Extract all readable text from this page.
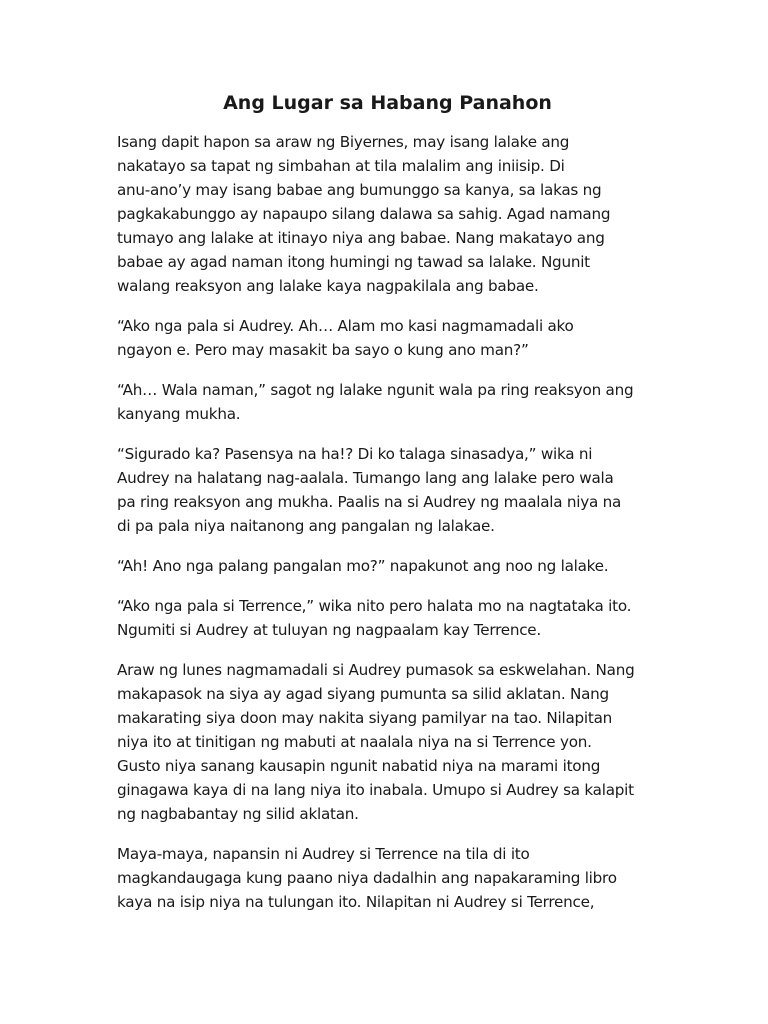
Ang Lugar sa Habang Panahon

Isang dapit hapon sa araw ng Biyernes, may isang lalake ang
nakatayo sa tapat ng simbahan at tila malalim ang iniisip. Di
anu-ano’y may isang babae ang bumunggo sa kanya, sa lakas ng
pagkakabunggo ay napaupo silang dalawa sa sahig. Agad namang
tumayo ang lalake at itinayo niya ang babae. Nang makatayo ang
babae ay agad naman itong humingi ng tawad sa lalake. Ngunit
walang reaksyon ang lalake kaya nagpakilala ang babae.

“Ako nga pala si Audrey. Ah… Alam mo kasi nagmamadali ako
ngayon e. Pero may masakit ba sayo o kung ano man?”

“Ah… Wala naman,” sagot ng lalake ngunit wala pa ring reaksyon ang
kanyang mukha.

“Sigurado ka? Pasensya na ha!? Di ko talaga sinasadya,” wika ni
Audrey na halatang nag-aalala. Tumango lang ang lalake pero wala
pa ring reaksyon ang mukha. Paalis na si Audrey ng maalala niya na
di pa pala niya naitanong ang pangalan ng lalakae.

“Ah! Ano nga palang pangalan mo?” napakunot ang noo ng lalake.

“Ako nga pala si Terrence,” wika nito pero halata mo na nagtataka ito.
Ngumiti si Audrey at tuluyan ng nagpaalam kay Terrence.

Araw ng lunes nagmamadali si Audrey pumasok sa eskwelahan. Nang
makapasok na siya ay agad siyang pumunta sa silid aklatan. Nang
makarating siya doon may nakita siyang pamilyar na tao. Nilapitan
niya ito at tinitigan ng mabuti at naalala niya na si Terrence yon.
Gusto niya sanang kausapin ngunit nabatid niya na marami itong
ginagawa kaya di na lang niya ito inabala. Umupo si Audrey sa kalapit
ng nagbabantay ng silid aklatan.

Maya-maya, napansin ni Audrey si Terrence na tila di ito
magkandaugaga kung paano niya dadalhin ang napakaraming libro
kaya na isip niya na tulungan ito. Nilapitan ni Audrey si Terrence,
